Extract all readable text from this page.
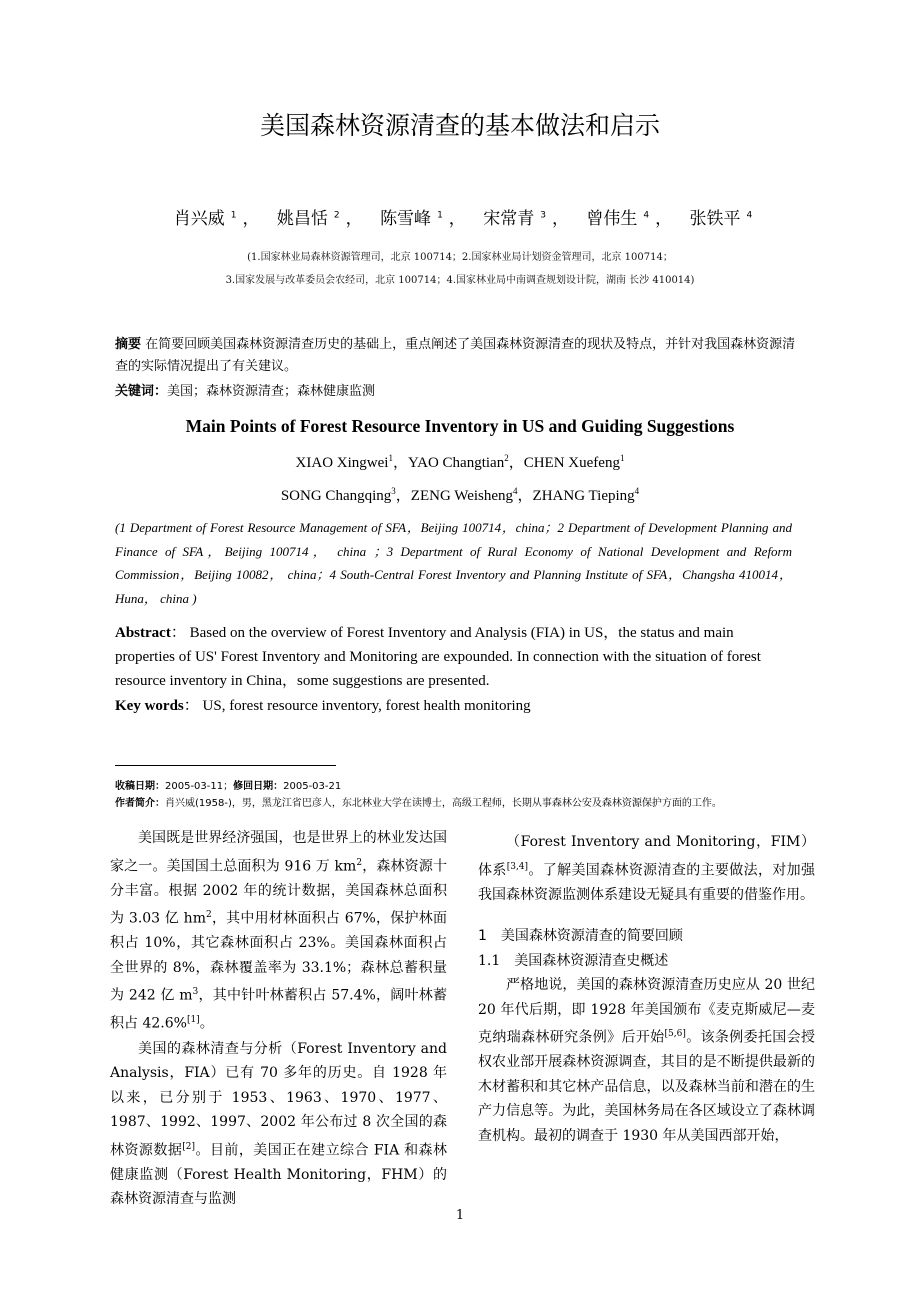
美国森林资源清查的基本做法和启示
肖兴威 $^1$ ， 姚昌恬 $^2$ ， 陈雪峰 $^1$ ， 宋常青 $^3$ ， 曾伟生 $^4$ ， 张铁平 $^4$
(1.国家林业局森林资源管理司，北京 100714；2.国家林业局计划资金管理司，北京 100714；
3.国家发展与改革委员会农经司，北京 100714；4.国家林业局中南调查规划设计院，湖南 长沙 410014)
摘要 在简要回顾美国森林资源清查历史的基础上，重点阐述了美国森林资源清查的现状及特点，并针对我国森林资源清查的实际情况提出了有关建议。
关键词：美国；森林资源清查；森林健康监测
Main Points of Forest Resource Inventory in US and Guiding Suggestions
XIAO Xingwei$^1$，YAO Changtian$^2$，CHEN Xuefeng$^1$
SONG Changqing$^3$，ZENG Weisheng$^4$，ZHANG Tieping$^4$
(1 Department of Forest Resource Management of SFA，Beijing 100714，china；2 Department of Development Planning and Finance of SFA，Beijing 100714， china ；3 Department of Rural Economy of National Development and Reform Commission，Beijing 10082， china；4 South-Central Forest Inventory and Planning Institute of SFA，Changsha 410014，Huna， china )
Abstract： Based on the overview of Forest Inventory and Analysis (FIA) in US，the status and main properties of US' Forest Inventory and Monitoring are expounded. In connection with the situation of forest resource inventory in China，some suggestions are presented.
Key words： US, forest resource inventory, forest health monitoring
收稿日期：2005-03-11；修回日期：2005-03-21
作者简介：肖兴威(1958-)，男，黑龙江省巴彦人，东北林业大学在读博士，高级工程师，长期从事森林公安及森林资源保护方面的工作。

美国既是世界经济强国，也是世界上的林业发达国家之一。美国国土总面积为 916 万 $km^2$，森林资源十分丰富。根据 2002 年的统计数据，美国森林总面积为 3.03 亿 $hm^2$，其中用材林面积占 67%，保护林面积占 10%，其它森林面积占 23%。美国森林面积占全世界的 8%，森林覆盖率为 33.1%；森林总蓄积量为 242 亿 $m^3$，其中针叶林蓄积占 57.4%，阔叶林蓄积占 42.6%[1]。

美国的森林清查与分析（Forest Inventory and Analysis，FIA）已有 70 多年的历史。自 1928 年以来，已分别于 1953、1963、1970、1977、1987、1992、1997、2002 年公布过 8 次全国的森林资源数据[2]。目前，美国正在建立综合 FIA 和森林健康监测（Forest Health Monitoring，FHM）的森林资源清查与监测

（Forest Inventory and Monitoring，FIM）体系[3,4]。了解美国森林资源清查的主要做法，对加强我国森林资源监测体系建设无疑具有重要的借鉴作用。

1　美国森林资源清查的简要回顾
1.1　美国森林资源清查史概述

严格地说，美国的森林资源清查历史应从 20 世纪 20 年代后期，即 1928 年美国颁布《麦克斯威尼—麦克纳瑞森林研究条例》后开始[5,6]。该条例委托国会授权农业部开展森林资源调查，其目的是不断提供最新的木材蓄积和其它林产品信息，以及森林当前和潜在的生产力信息等。为此，美国林务局在各区域设立了森林调查机构。最初的调查于 1930 年从美国西部开始，

1
